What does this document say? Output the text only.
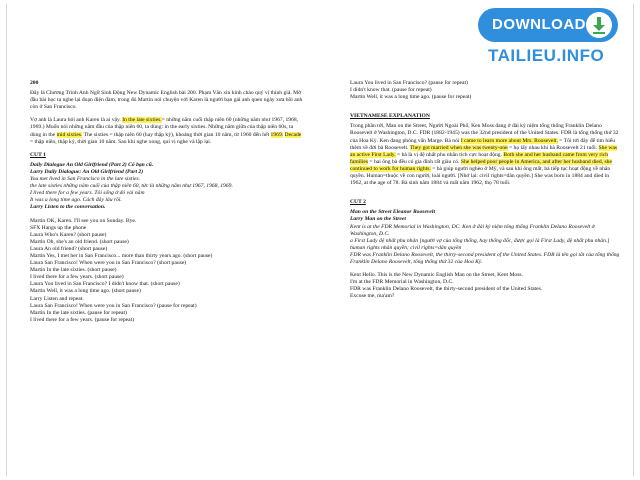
DOWNLOAD
TAILIEU.INFO

200

Đây là Chương Trình Anh Ngữ Sinh Động New Dynamic English bài 200. Phạm Văn xin kính chào quý vị thính giả. Mở đầu bài học ta nghe lại đoạn điện đàm, trong đó Martin nói chuyện với Karen là người bạn gái anh quen ngày xưa hồi anh còn ở San Francisco.

Vợ anh là Laura hỏi anh Karen là ai vậy. In the late sixties.= những năm cuối thập niên 60 (những năm như 1967, 1968, 1969.) Muốn nói những năm đầu của thập niên 60, ta dùng: in the early sixties. Những năm giữa của thập niên 60s, ta dùng in the mid sixties. The sixties = thập niên 60 (hay thập kỷ), khoảng thời gian 10 năm, từ 1960 đến hết 1969. Decade = thập niên, thập kỷ, thời gian 10 năm. Sau khi nghe xong, quí vị nghe và lập lại.

CUT 1

Daily Dialogue An Old Girlfriend (Part 2) Cô bạn cũ.

Larry Daily Dialogue: An Old Girlfriend (Part 2)

You met lived in San Francisco in the late sixties.

the late sixties những năm cuối của thập niên 60, tức là những năm như 1967, 1968, 1969.

I lived there for a few years. Tôi sống ở đó vài năm

It was a long time ago. Cách đây lâu rồi.

Larry Listen to the conversation.

Martin OK, Karen. I'll see you on Sunday. Bye.

SFX Hangs up the phone

Laura Who's Karen? (short pause)

Martin Oh, she's an old friend. (short pause)

Laura An old friend? (short pause)

Martin Yes, I met her in San Francisco... more than thirty years ago. (short pause)

Laura San Francisco! When were you in San Francisco? (short pause)

Martin In the late sixties. (short pause)

I lived there for a few years. (short pause)

Laura You lived in San Francisco? I didn't know that. (short pause)

Martin Well, it was a long time ago. (short pause)

Larry Listen and repeat.

Laura San Francisco! When were you in San Francisco? (pause for repeat)

Martin In the late sixties. (pause for repeat)

I lived there for a few years. (pause for repeat)

Laura You lived in San Francisco? (pause for repeat)

I didn't know that. (pause for repeat)

Martin Well, it was a long time ago. (pause for repeat)

VIETNAMESE EXPLANATION

Trong phần tới, Man on the Street, Người Ngoài Phố, Ken Moss đang ở đài kỷ niệm tổng thống Franklin Delano Roosevelt ở Washington, D.C. FDR (1882-1945) was the 32nd president of the United States. FDR là tổng thống thứ 32 của Hoa Kỳ. Ken đang phỏng vấn Marge. Bà nói I came to learn more about Mrs. Roosevelt. = Tôi tới đây để tìm hiểu thêm về đời bà Roosevelt. They got married when she was twenty-one = họ lấy nhau khi bà Roosevelt 21 tuổi. She was an active First Lady. = bà là vị đệ nhất phu nhân tích cực hoạt động. Both she and her husband came from very rich families = hai ông bà đều có gia đình rất giàu có. She helped poor people in America, and after her husband died, she continued to work for human rights. = bà giúp người nghèo ở Mỹ, và sau khi ông mất, bà tiếp tục hoạt động về nhân quyền. Human=thuộc về con người, loài người. [Nhớ lại: civil rights=dân quyền.] She was born in 1884 and died in 1962, at the age of 78. Bà sinh năm 1884 và mất năm 1962, thọ 78 tuổi.

CUT 2

Man on the Street Eleanor Roosevelt

Larry Man on the Street

Kent is at the FDR Memorial in Washington, DC. Ken ở đài kỷ niệm tổng thống Franklin Delano Roosevelt ở Washington, D.C.

a First Lady đệ nhất phu nhân [người vợ của tổng thống, hay thống đốc, được gọi là First Lady, đệ nhất phu nhân.]

human rights nhân quyền; civil rights=dân quyền

FDR was Franklin Delano Roosevelt, the thirty-second president of the United States. FDR là tên gọi tắt của tổng thống Franklin Delano Roosevelt, tổng thống thứ 32 của Hoa Kỳ.

Kent Hello. This is the New Dynamic English Man on the Street, Kent Moss.

I'm at the FDR Memorial in Washington, D.C.

FDR was Franklin Delano Roosevelt, the thirty-second president of the United States.

Excuse me, ma'am?
